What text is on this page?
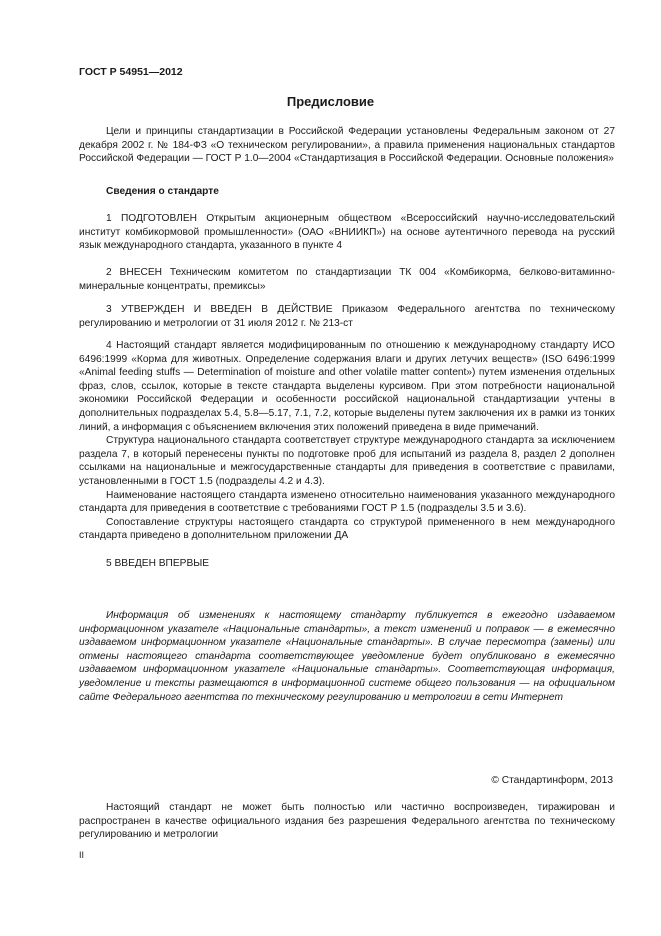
ГОСТ Р 54951—2012
Предисловие

Цели и принципы стандартизации в Российской Федерации установлены Федеральным законом от 27 декабря 2002 г. № 184-ФЗ «О техническом регулировании», а правила применения национальных стандартов Российской Федерации — ГОСТ Р 1.0—2004 «Стандартизация в Российской Федерации. Основные положения»

Сведения о стандарте

1 ПОДГОТОВЛЕН Открытым акционерным обществом «Всероссийский научно-исследовательский институт комбикормовой промышленности» (ОАО «ВНИИКП») на основе аутентичного перевода на русский язык международного стандарта, указанного в пункте 4

2 ВНЕСЕН Техническим комитетом по стандартизации ТК 004 «Комбикорма, белково-витаминно-минеральные концентраты, премиксы»

3 УТВЕРЖДЕН И ВВЕДЕН В ДЕЙСТВИЕ Приказом Федерального агентства по техническому регулированию и метрологии от 31 июля 2012 г. № 213-ст

4 Настоящий стандарт является модифицированным по отношению к международному стандарту ИСО 6496:1999 «Корма для животных. Определение содержания влаги и других летучих веществ» (ISO 6496:1999 «Animal feeding stuffs — Determination of moisture and other volatile matter content») путем изменения отдельных фраз, слов, ссылок, которые в тексте стандарта выделены курсивом. При этом потребности национальной экономики Российской Федерации и особенности российской национальной стандартизации учтены в дополнительных подразделах 5.4, 5.8—5.17, 7.1, 7.2, которые выделены путем заключения их в рамки из тонких линий, а информация с объяснением включения этих положений приведена в виде примечаний.

Структура национального стандарта соответствует структуре международного стандарта за исключением раздела 7, в который перенесены пункты по подготовке проб для испытаний из раздела 8, раздел 2 дополнен ссылками на национальные и межгосударственные стандарты для приведения в соответствие с правилами, установленными в ГОСТ 1.5 (подразделы 4.2 и 4.3).

Наименование настоящего стандарта изменено относительно наименования указанного международного стандарта для приведения в соответствие с требованиями ГОСТ Р 1.5 (подразделы 3.5 и 3.6).

Сопоставление структуры настоящего стандарта со структурой примененного в нем международного стандарта приведено в дополнительном приложении ДА

5 ВВЕДЕН ВПЕРВЫЕ

Информация об изменениях к настоящему стандарту публикуется в ежегодно издаваемом информационном указателе «Национальные стандарты», а текст изменений и поправок — в ежемесячно издаваемом информационном указателе «Национальные стандарты». В случае пересмотра (замены) или отмены настоящего стандарта соответствующее уведомление будет опубликовано в ежемесячно издаваемом информационном указателе «Национальные стандарты». Соответствующая информация, уведомление и тексты размещаются в информационной системе общего пользования — на официальном сайте Федерального агентства по техническому регулированию и метрологии в сети Интернет

© Стандартинформ, 2013

Настоящий стандарт не может быть полностью или частично воспроизведен, тиражирован и распространен в качестве официального издания без разрешения Федерального агентства по техническому регулированию и метрологии

II
